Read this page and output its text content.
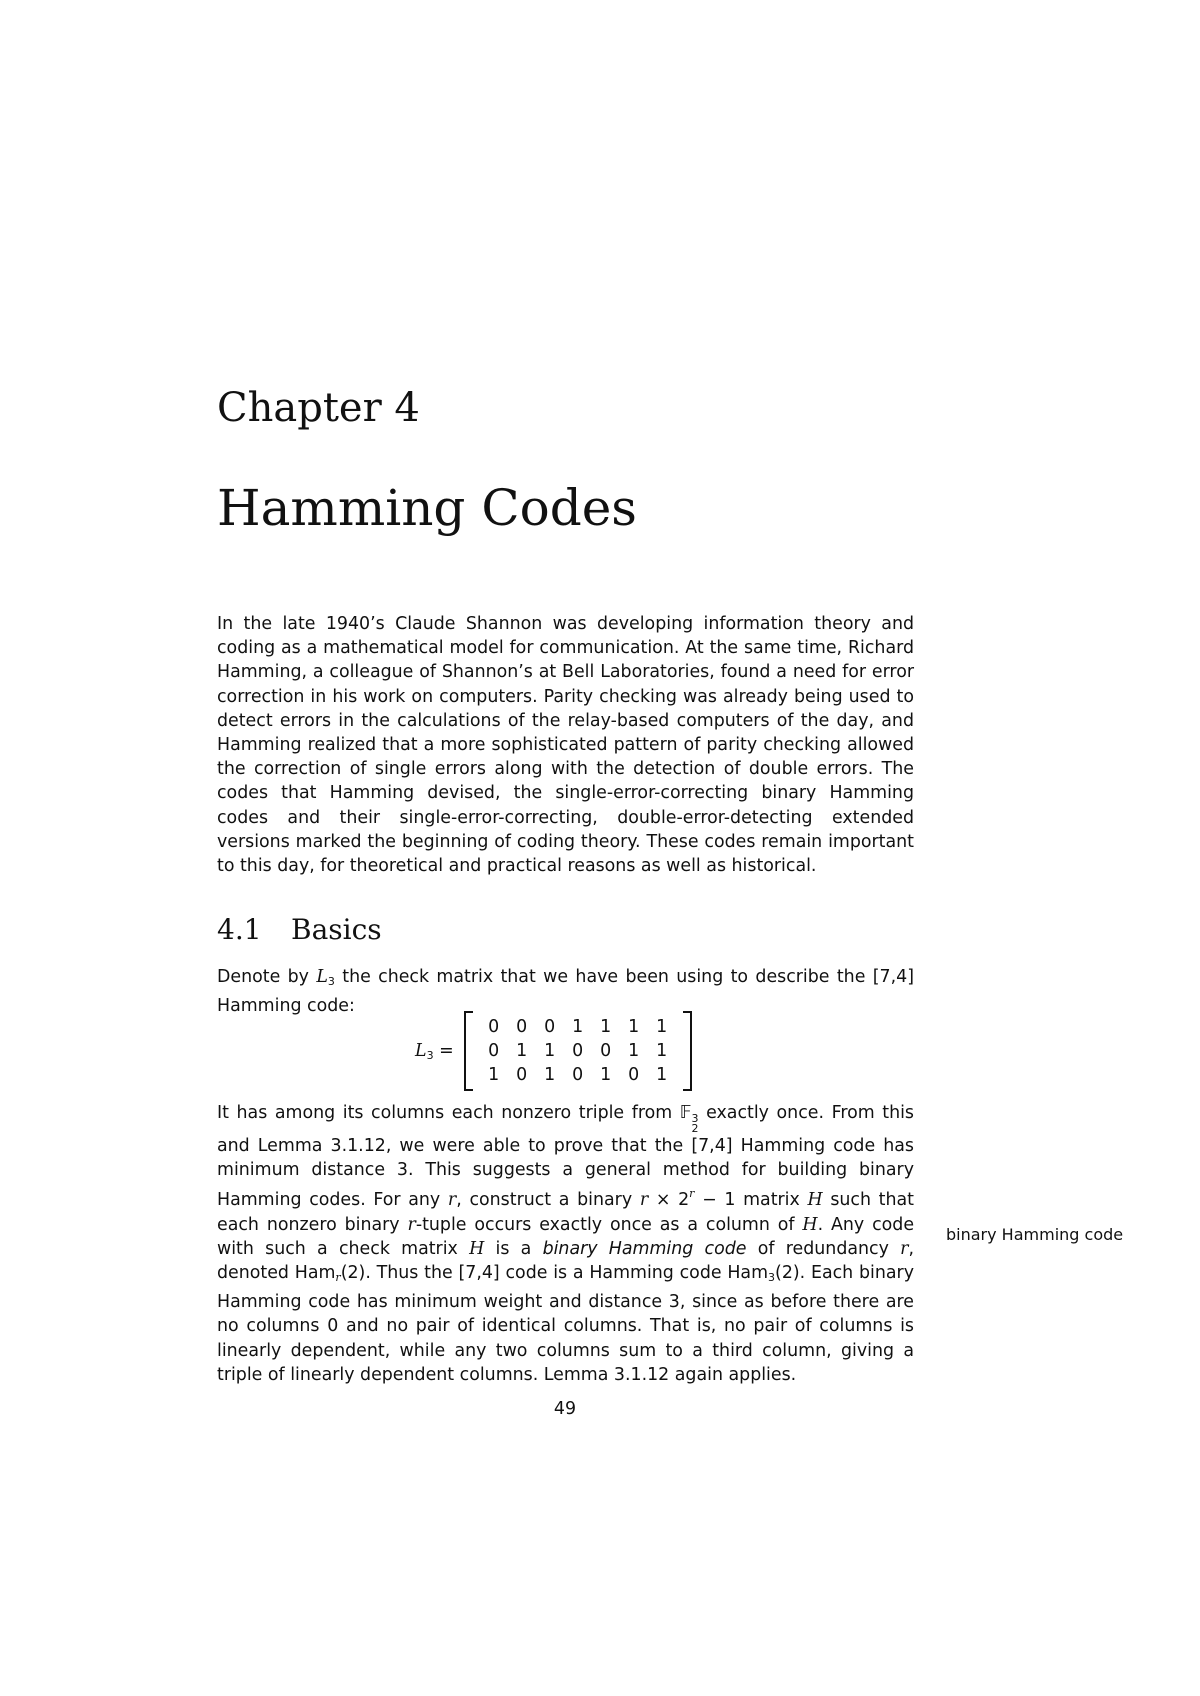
Chapter 4
Hamming Codes

In the late 1940’s Claude Shannon was developing information theory and coding as a mathematical model for communication. At the same time, Richard Hamming, a colleague of Shannon’s at Bell Laboratories, found a need for error correction in his work on computers. Parity checking was already being used to detect errors in the calculations of the relay-based computers of the day, and Hamming realized that a more sophisticated pattern of parity checking allowed the correction of single errors along with the detection of double errors. The codes that Hamming devised, the single-error-correcting binary Hamming codes and their single-error-correcting, double-error-detecting extended versions marked the beginning of coding theory. These codes remain important to this day, for theoretical and practical reasons as well as historical.

4.1 Basics

Denote by L3 the check matrix that we have been using to describe the [7,4] Hamming code:

L3 =
0 0 0 1 1 1 1
0 1 1 0 0 1 1
1 0 1 0 1 0 1

It has among its columns each nonzero triple from 𝔽 3
2
exactly once. From this and Lemma 3.1.12, we were able to prove that the [7,4] Hamming code has minimum distance 3. This suggests a general method for building binary Hamming codes. For any r, construct a binary $r \times 2^r - 1$ matrix H such that each nonzero binary r-tuple occurs exactly once as a column of H. Any code with such a check matrix H is a binary Hamming code of redundancy r, denoted Hamr(2). Thus the [7,4] code is a Hamming code Ham3(2). Each binary Hamming code has minimum weight and distance 3, since as before there are no columns 0 and no pair of identical columns. That is, no pair of columns is linearly dependent, while any two columns sum to a third column, giving a triple of linearly dependent columns. Lemma 3.1.12 again applies.

binary Hamming code

49
